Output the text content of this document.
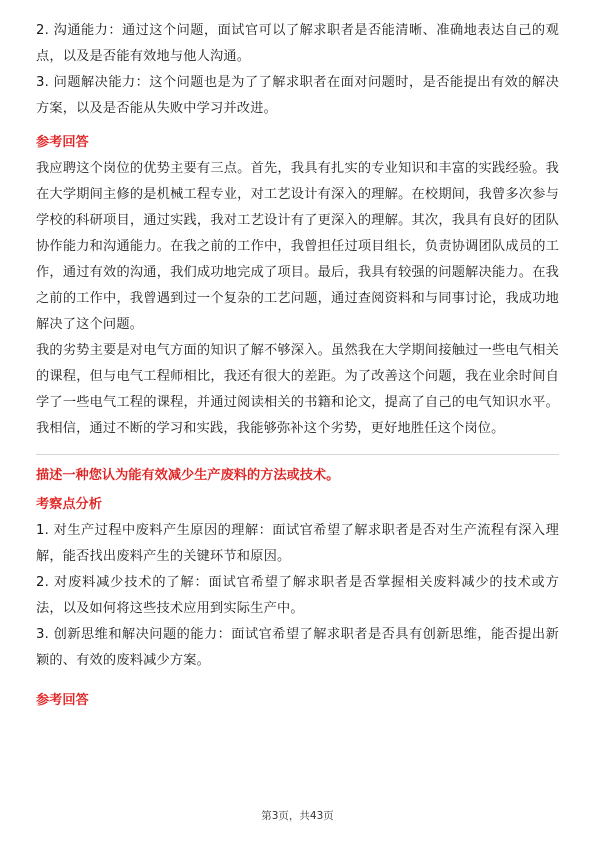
2. 沟通能力：通过这个问题，面试官可以了解求职者是否能清晰、准确地表达自己的观点，以及是否能有效地与他人沟通。

3. 问题解决能力：这个问题也是为了了解求职者在面对问题时，是否能提出有效的解决方案，以及是否能从失败中学习并改进。

参考回答

我应聘这个岗位的优势主要有三点。首先，我具有扎实的专业知识和丰富的实践经验。我在大学期间主修的是机械工程专业，对工艺设计有深入的理解。在校期间，我曾多次参与学校的科研项目，通过实践，我对工艺设计有了更深入的理解。其次，我具有良好的团队协作能力和沟通能力。在我之前的工作中，我曾担任过项目组长，负责协调团队成员的工作，通过有效的沟通，我们成功地完成了项目。最后，我具有较强的问题解决能力。在我之前的工作中，我曾遇到过一个复杂的工艺问题，通过查阅资料和与同事讨论，我成功地解决了这个问题。

我的劣势主要是对电气方面的知识了解不够深入。虽然我在大学期间接触过一些电气相关的课程，但与电气工程师相比，我还有很大的差距。为了改善这个问题，我在业余时间自学了一些电气工程的课程，并通过阅读相关的书籍和论文，提高了自己的电气知识水平。我相信，通过不断的学习和实践，我能够弥补这个劣势，更好地胜任这个岗位。

描述一种您认为能有效减少生产废料的方法或技术。
考察点分析

1. 对生产过程中废料产生原因的理解：面试官希望了解求职者是否对生产流程有深入理解，能否找出废料产生的关键环节和原因。

2. 对废料减少技术的了解：面试官希望了解求职者是否掌握相关废料减少的技术或方法，以及如何将这些技术应用到实际生产中。

3. 创新思维和解决问题的能力：面试官希望了解求职者是否具有创新思维，能否提出新颖的、有效的废料减少方案。

参考回答
第3页，共43页
